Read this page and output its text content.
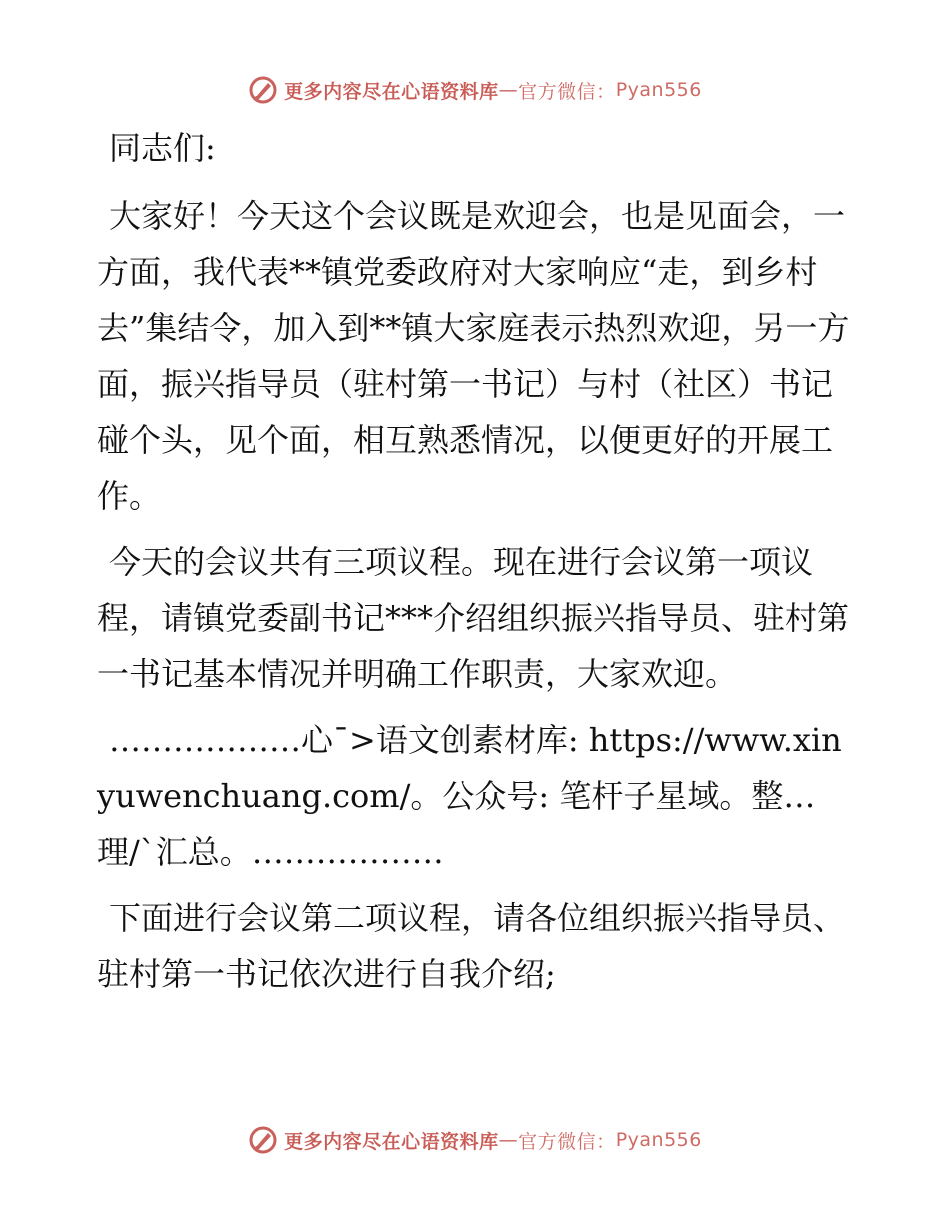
更多内容尽在心语资料库 — 官方微信： Pyan556

同志们:

大家好！今天这个会议既是欢迎会，也是见面会，一方面，我代表**镇党委政府对大家响应“走，到乡村去”集结令，加入到**镇大家庭表示热烈欢迎，另一方面，振兴指导员（驻村第一书记）与村（社区）书记碰个头，见个面，相互熟悉情况，以便更好的开展工作。

今天的会议共有三项议程。现在进行会议第一项议程，请镇党委副书记***介绍组织振兴指导员、驻村第一书记基本情况并明确工作职责，大家欢迎。

………………心¯>语文创素材库: https://www.xinyuwenchuang.com/。公众号: 笔杆子星域。整…理/`汇总。………………

下面进行会议第二项议程，请各位组织振兴指导员、驻村第一书记依次进行自我介绍;

更多内容尽在心语资料库 — 官方微信： Pyan556
